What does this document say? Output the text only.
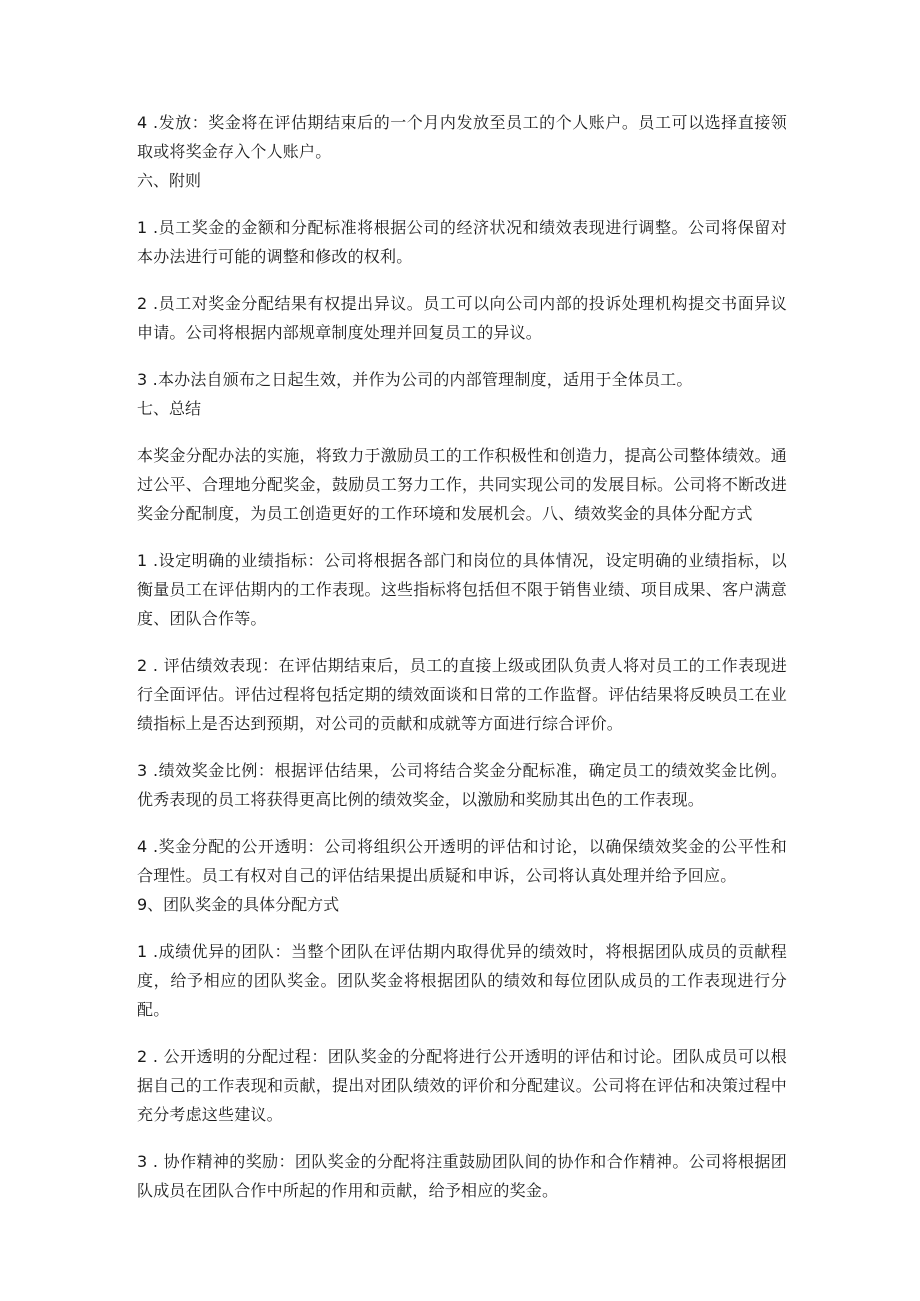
4 .发放：奖金将在评估期结束后的一个月内发放至员工的个人账户。员工可以选择直接领取或将奖金存入个人账户。

六、附则

1 .员工奖金的金额和分配标准将根据公司的经济状况和绩效表现进行调整。公司将保留对本办法进行可能的调整和修改的权利。

2 .员工对奖金分配结果有权提出异议。员工可以向公司内部的投诉处理机构提交书面异议申请。公司将根据内部规章制度处理并回复员工的异议。

3 .本办法自颁布之日起生效，并作为公司的内部管理制度，适用于全体员工。

七、总结

本奖金分配办法的实施，将致力于激励员工的工作积极性和创造力，提高公司整体绩效。通过公平、合理地分配奖金，鼓励员工努力工作，共同实现公司的发展目标。公司将不断改进奖金分配制度，为员工创造更好的工作环境和发展机会。八、绩效奖金的具体分配方式

1 .设定明确的业绩指标：公司将根据各部门和岗位的具体情况，设定明确的业绩指标，以衡量员工在评估期内的工作表现。这些指标将包括但不限于销售业绩、项目成果、客户满意度、团队合作等。

2 . 评估绩效表现：在评估期结束后，员工的直接上级或团队负责人将对员工的工作表现进行全面评估。评估过程将包括定期的绩效面谈和日常的工作监督。评估结果将反映员工在业绩指标上是否达到预期，对公司的贡献和成就等方面进行综合评价。

3 .绩效奖金比例：根据评估结果，公司将结合奖金分配标准，确定员工的绩效奖金比例。优秀表现的员工将获得更高比例的绩效奖金，以激励和奖励其出色的工作表现。

4 .奖金分配的公开透明：公司将组织公开透明的评估和讨论，以确保绩效奖金的公平性和合理性。员工有权对自己的评估结果提出质疑和申诉，公司将认真处理并给予回应。

9、团队奖金的具体分配方式

1 .成绩优异的团队：当整个团队在评估期内取得优异的绩效时，将根据团队成员的贡献程度，给予相应的团队奖金。团队奖金将根据团队的绩效和每位团队成员的工作表现进行分配。

2 . 公开透明的分配过程：团队奖金的分配将进行公开透明的评估和讨论。团队成员可以根据自己的工作表现和贡献，提出对团队绩效的评价和分配建议。公司将在评估和决策过程中充分考虑这些建议。

3 . 协作精神的奖励：团队奖金的分配将注重鼓励团队间的协作和合作精神。公司将根据团队成员在团队合作中所起的作用和贡献，给予相应的奖金。
